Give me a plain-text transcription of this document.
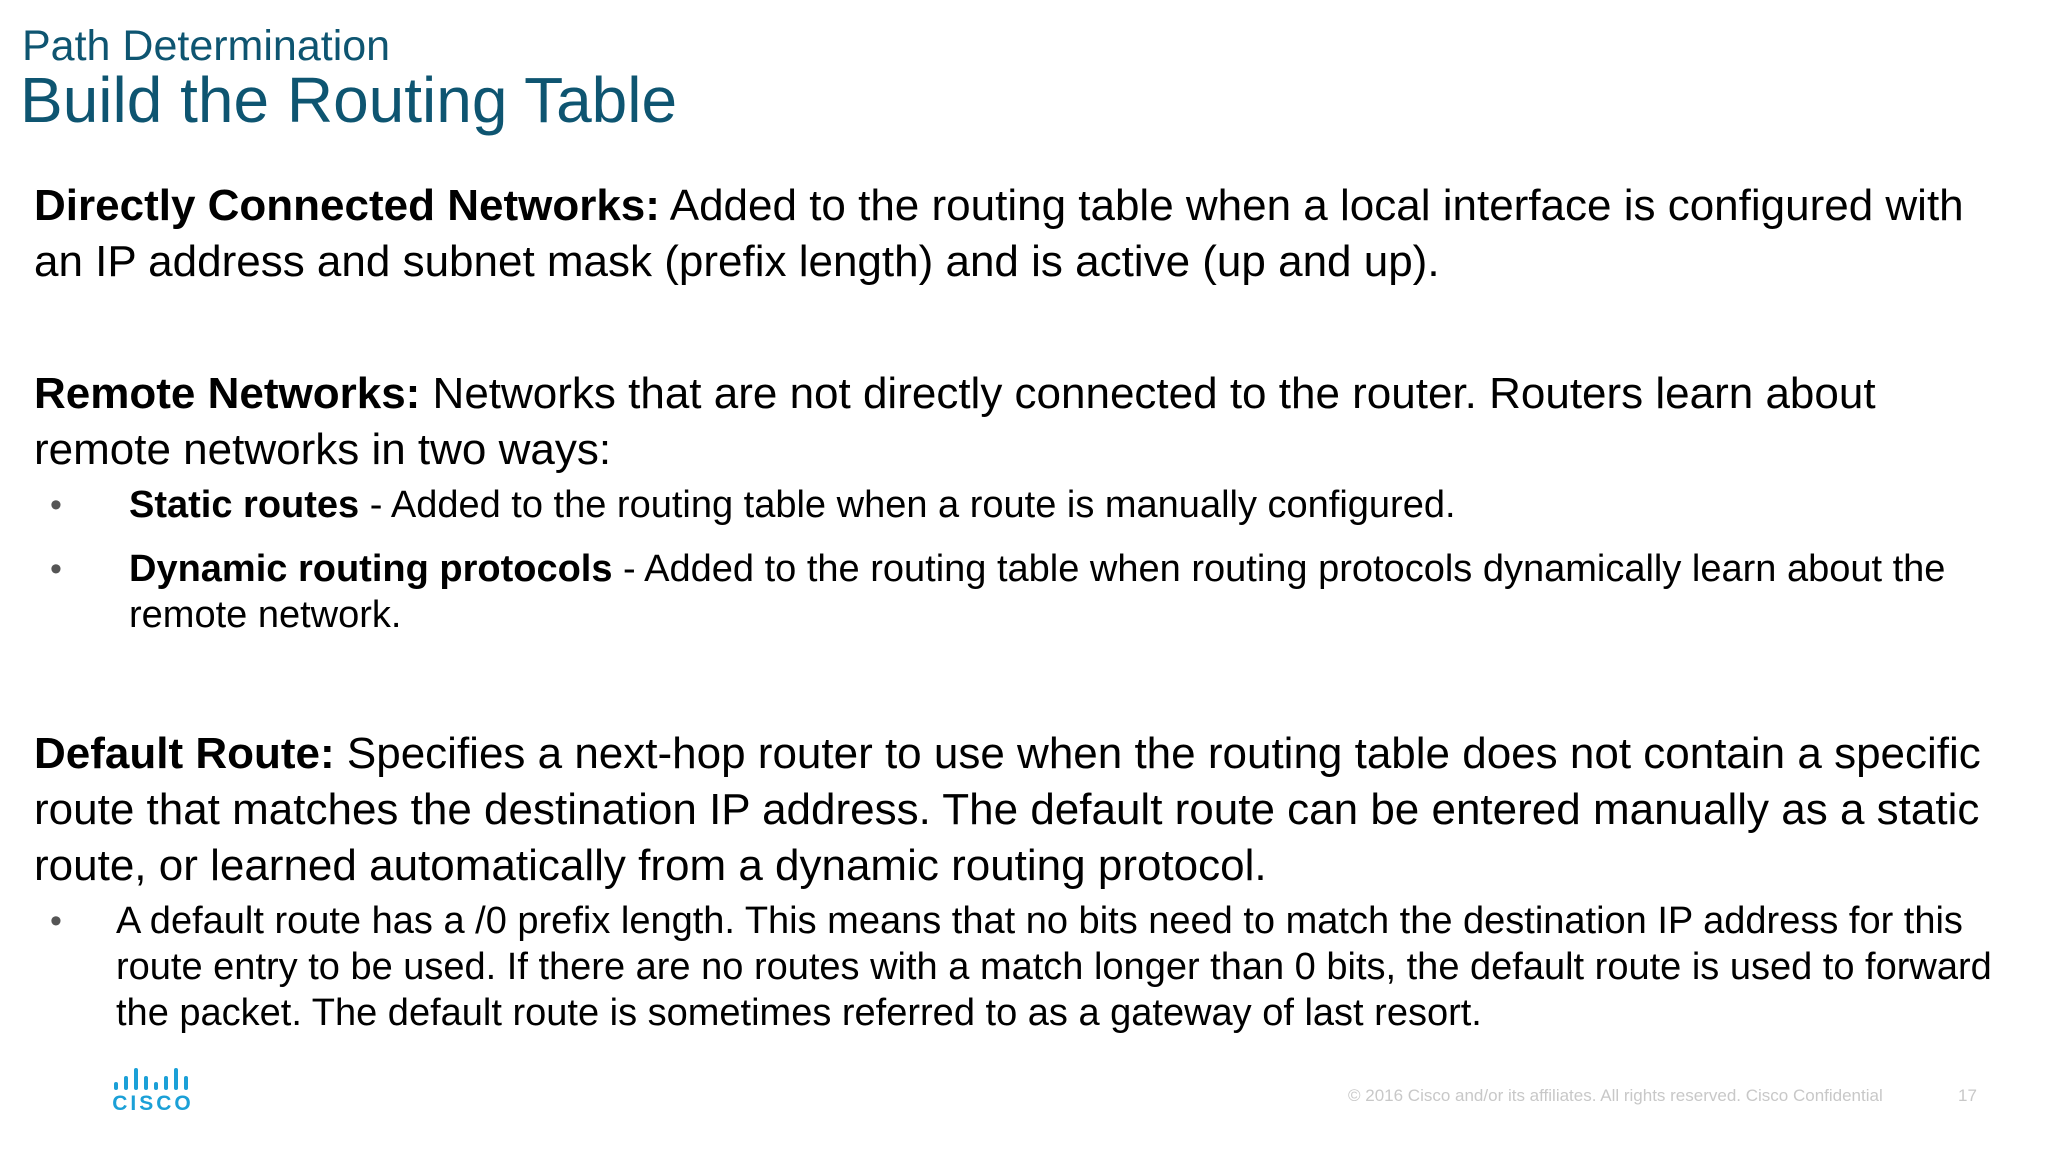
Path Determination
Build the Routing Table

Directly Connected Networks: Added to the routing table when a local interface is configured with an IP address and subnet mask (prefix length) and is active (up and up).

Remote Networks: Networks that are not directly connected to the router. Routers learn about remote networks in two ways:

• Static routes - Added to the routing table when a route is manually configured.
• Dynamic routing protocols - Added to the routing table when routing protocols dynamically learn about the remote network.

Default Route: Specifies a next-hop router to use when the routing table does not contain a specific route that matches the destination IP address. The default route can be entered manually as a static route, or learned automatically from a dynamic routing protocol.

• A default route has a /0 prefix length. This means that no bits need to match the destination IP address for this route entry to be used. If there are no routes with a match longer than 0 bits, the default route is used to forward the packet. The default route is sometimes referred to as a gateway of last resort.
CISCO	© 2016 Cisco and/or its affiliates. All rights reserved. Cisco Confidential	17
